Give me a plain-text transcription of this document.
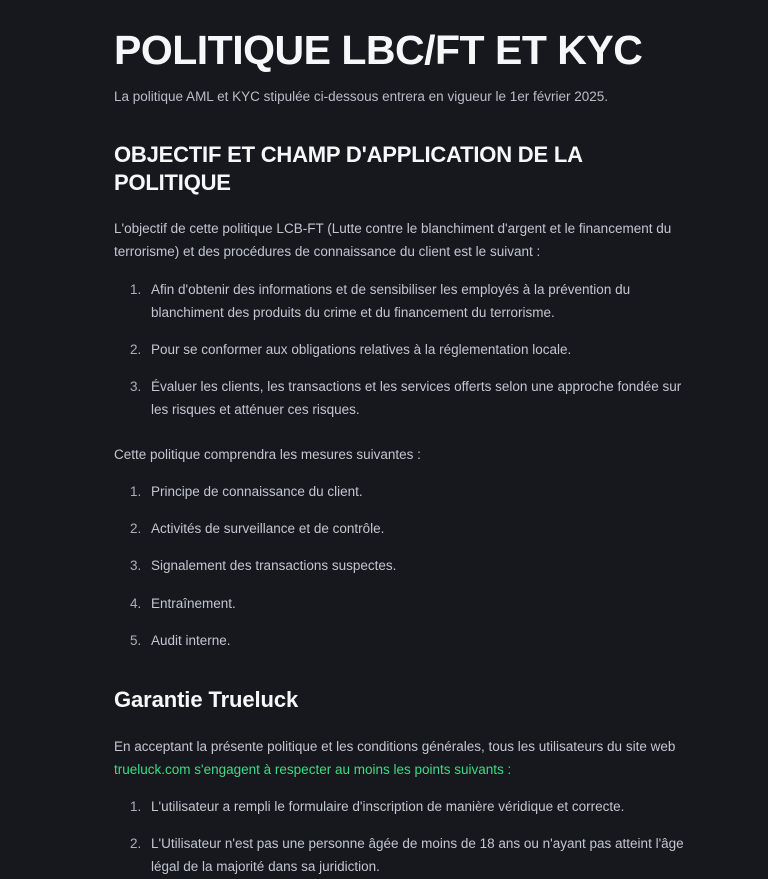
POLITIQUE LBC/FT ET KYC

La politique AML et KYC stipulée ci-dessous entrera en vigueur le 1er février 2025.

OBJECTIF ET CHAMP D'APPLICATION DE LA POLITIQUE

L'objectif de cette politique LCB-FT (Lutte contre le blanchiment d'argent et le financement du terrorisme) et des procédures de connaissance du client est le suivant :

1. Afin d'obtenir des informations et de sensibiliser les employés à la prévention du blanchiment des produits du crime et du financement du terrorisme.
2. Pour se conformer aux obligations relatives à la réglementation locale.
3. Évaluer les clients, les transactions et les services offerts selon une approche fondée sur les risques et atténuer ces risques.

Cette politique comprendra les mesures suivantes :

1. Principe de connaissance du client.
2. Activités de surveillance et de contrôle.
3. Signalement des transactions suspectes.
4. Entraînement.
5. Audit interne.
Garantie Trueluck

En acceptant la présente politique et les conditions générales, tous les utilisateurs du site web trueluck.com s'engagent à respecter au moins les points suivants :

1. L'utilisateur a rempli le formulaire d'inscription de manière véridique et correcte.
2. L'Utilisateur n'est pas une personne âgée de moins de 18 ans ou n'ayant pas atteint l'âge légal de la majorité dans sa juridiction.
